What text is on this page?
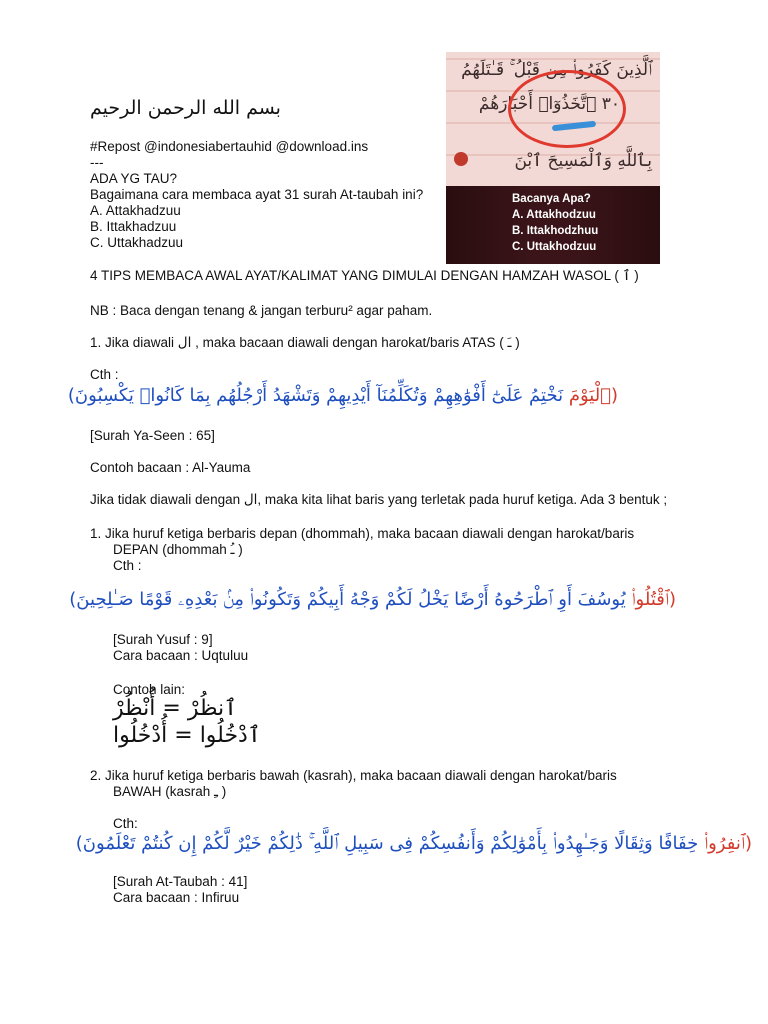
بسم الله الرحمن الرحيم
#Repost @indonesiabertauhid @download.ins
---
ADA YG TAU?
Bagaimana cara membaca ayat 31 surah At-taubah ini?
A. Attakhadzuu
B. Ittakhadzuu
C. Uttakhadzuu
ٱلَّذِينَ كَفَرُوا۟ مِن قَبْلُ ۚ قَـٰتَلَهُمُ
٣٠ ٱتَّخَذُوٓا۟ أَحْبَارَهُمْ
بِٱللَّهِ وَٱلْمَسِيحَ ٱبْنَ
Bacanya Apa?
A. Attakhodzuu
B. Ittakhodzhuu
C. Uttakhodzuu
4 TIPS MEMBACA AWAL AYAT/KALIMAT YANG DIMULAI DENGAN HAMZAH WASOL ( ٱ )
NB : Baca dengan tenang & jangan terburu² agar paham.
1. Jika diawali ال , maka bacaan diawali dengan harokat/baris ATAS ( ـَ )
Cth :
(ٱلْيَوْمَ نَخْتِمُ عَلَىٰٓ أَفْوَٰهِهِمْ وَتُكَلِّمُنَآ أَيْدِيهِمْ وَتَشْهَدُ أَرْجُلُهُم بِمَا كَانُوا۟ يَكْسِبُونَ)
[Surah Ya-Seen : 65]
Contoh bacaan : Al-Yauma
Jika tidak diawali dengan ال, maka kita lihat baris yang terletak pada huruf ketiga. Ada 3 bentuk ;
1. Jika huruf ketiga berbaris depan (dhommah), maka bacaan diawali dengan harokat/baris
DEPAN (dhommah ـُ )
Cth :
(ٱقْتُلُوا۟ يُوسُفَ أَوِ ٱطْرَحُوهُ أَرْضًا يَخْلُ لَكُمْ وَجْهُ أَبِيكُمْ وَتَكُونُوا۟ مِنۢ بَعْدِهِۦ قَوْمًا صَـٰلِحِينَ)
[Surah Yusuf : 9]
Cara bacaan : Uqtuluu
Contoh lain:
ٱنظُرْ = أُنْظُرْ
ٱدْخُلُوا = أُدْخُلُوا
2. Jika huruf ketiga berbaris bawah (kasrah), maka bacaan diawali dengan harokat/baris
BAWAH (kasrah ـِ )
Cth:
(ٱنفِرُوا۟ خِفَافًا وَثِقَالًا وَجَـٰهِدُوا۟ بِأَمْوَٰلِكُمْ وَأَنفُسِكُمْ فِى سَبِيلِ ٱللَّهِ ۚ ذَٰلِكُمْ خَيْرٌ لَّكُمْ إِن كُنتُمْ تَعْلَمُونَ)
[Surah At-Taubah : 41]
Cara bacaan : Infiruu
